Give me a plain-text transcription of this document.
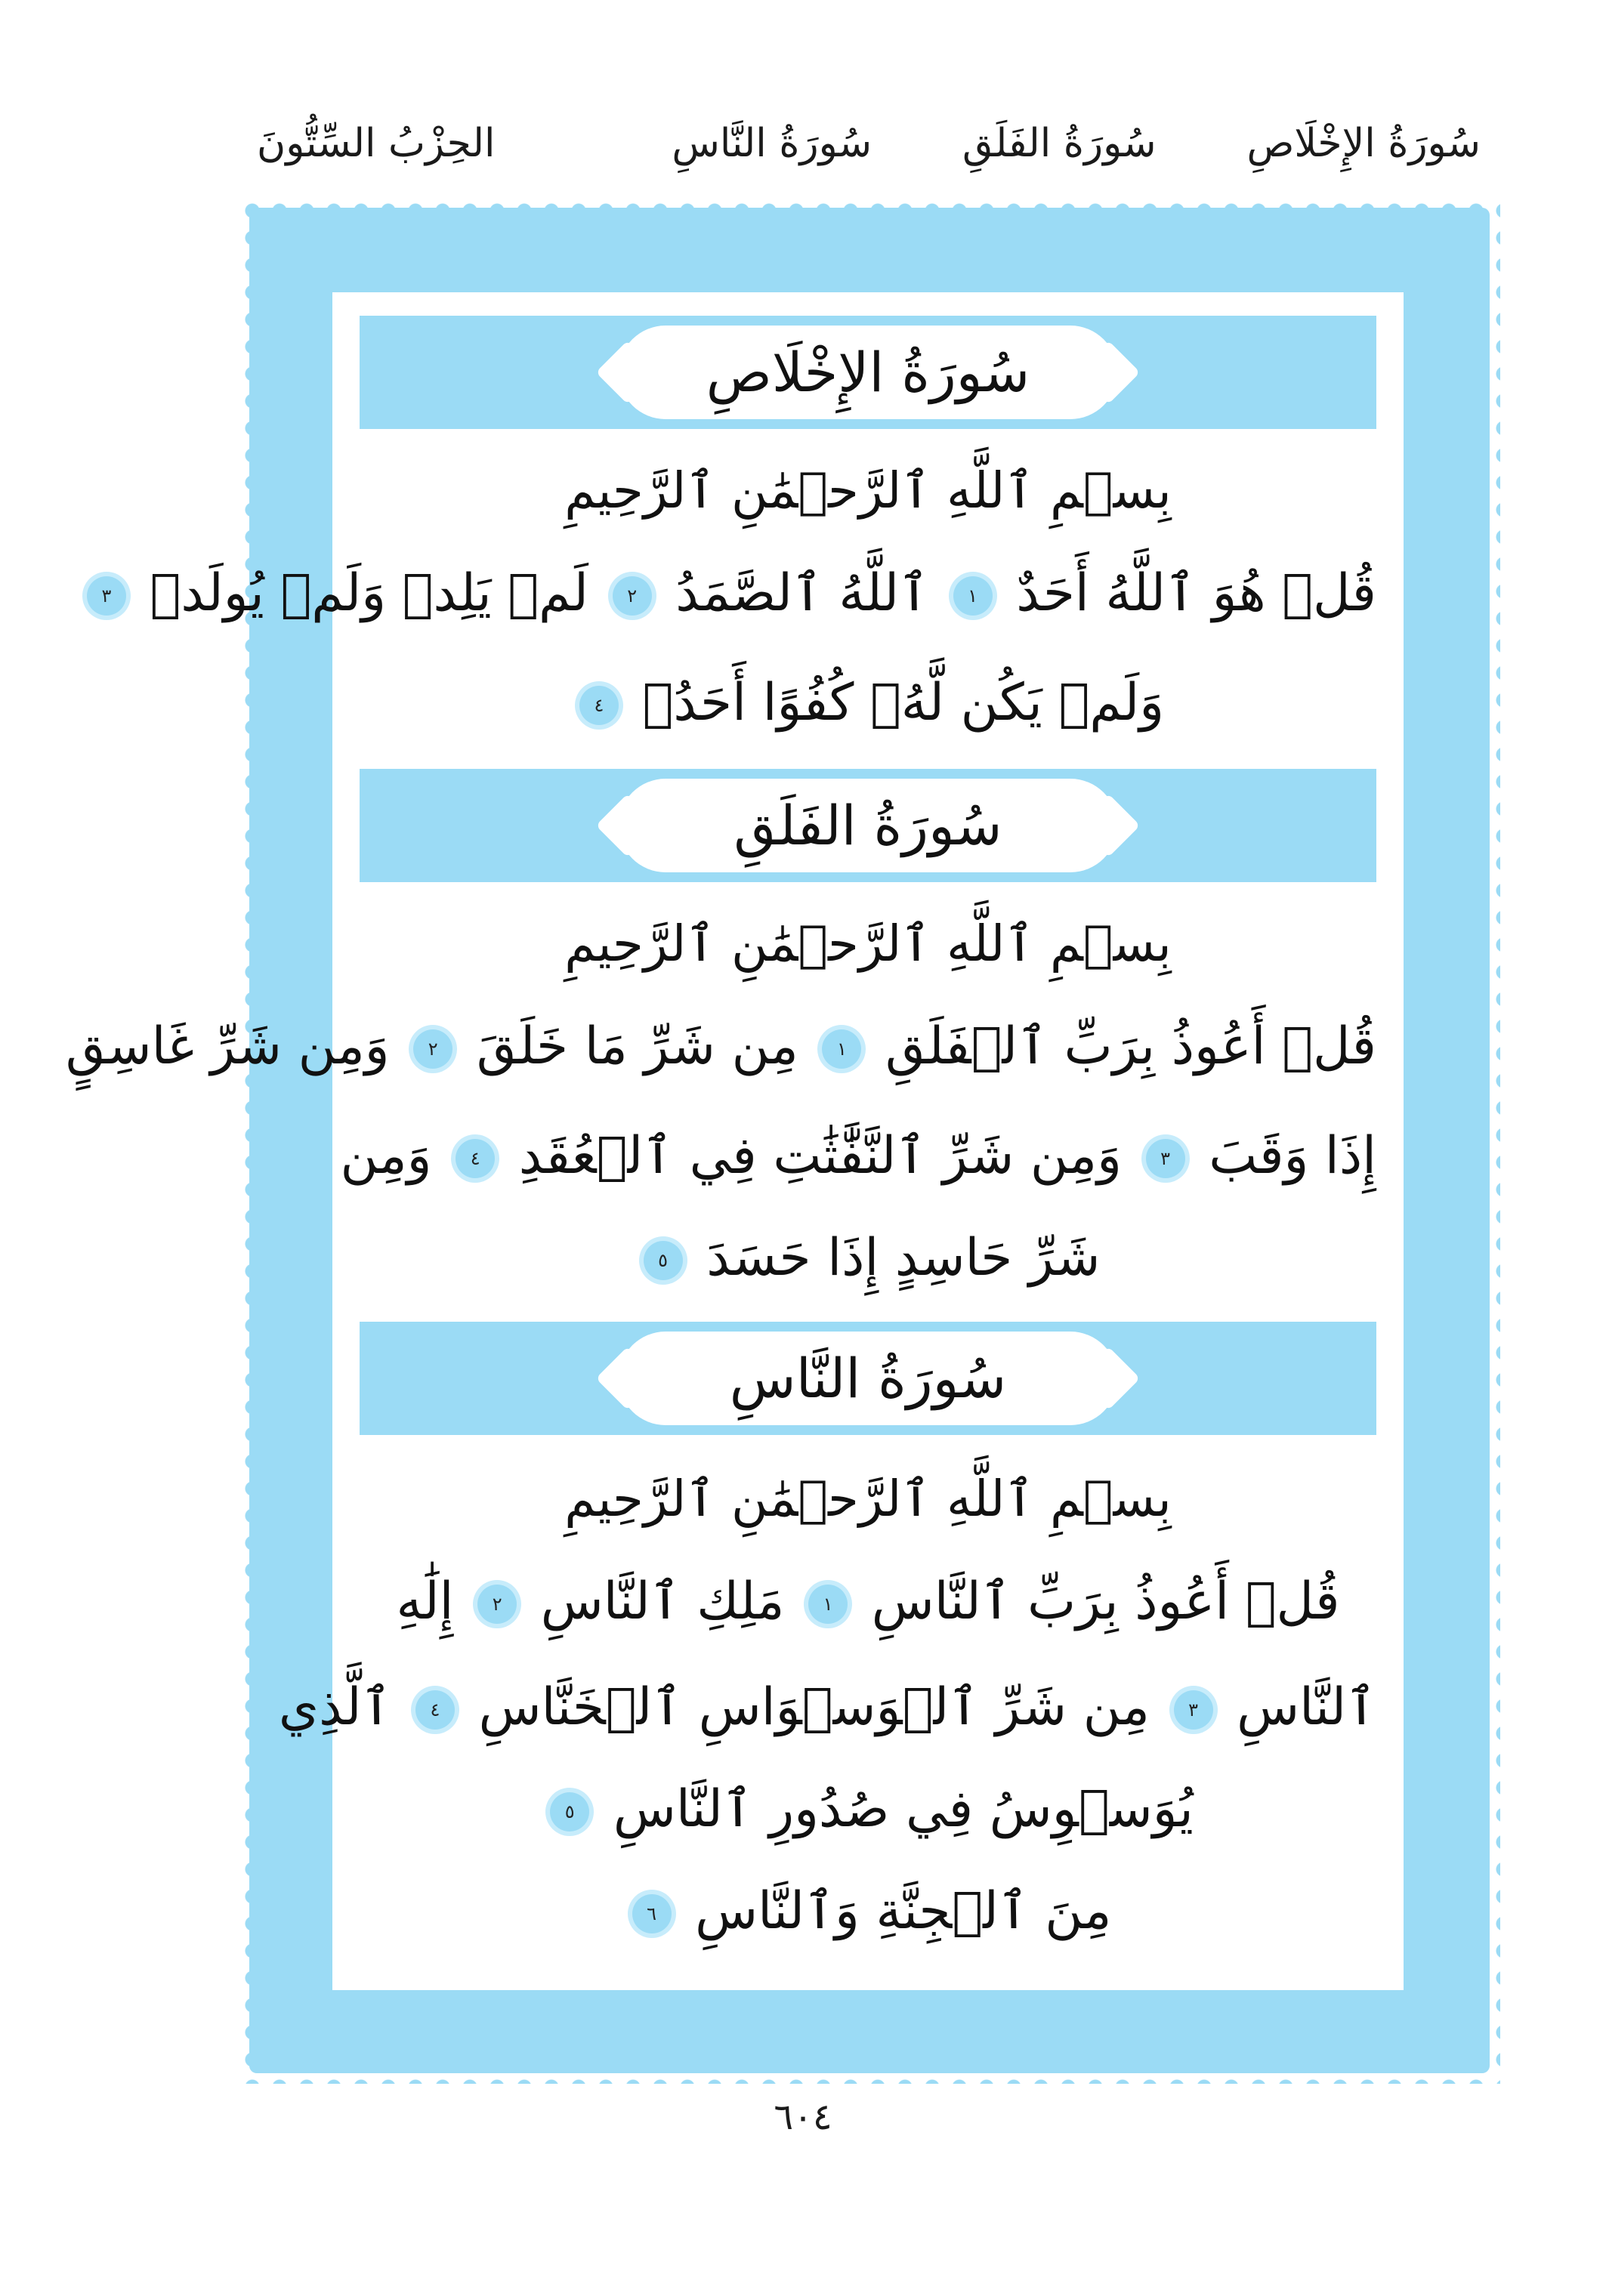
سُورَةُ الإِخْلَاصِ
سُورَةُ الفَلَقِ
سُورَةُ النَّاسِ
الحِزْبُ السِّتُّونَ
سُورَةُ الإِخْلَاصِ
بِسۡمِ ٱللَّهِ ٱلرَّحۡمَٰنِ ٱلرَّحِيمِ
قُلۡ هُوَ ٱللَّهُ أَحَدٌ ١ ٱللَّهُ ٱلصَّمَدُ ٢ لَمۡ يَلِدۡ وَلَمۡ يُولَدۡ ٣
وَلَمۡ يَكُن لَّهُۥ كُفُوًا أَحَدُۢ ٤
سُورَةُ الفَلَقِ
بِسۡمِ ٱللَّهِ ٱلرَّحۡمَٰنِ ٱلرَّحِيمِ
قُلۡ أَعُوذُ بِرَبِّ ٱلۡفَلَقِ ١ مِن شَرِّ مَا خَلَقَ ٢ وَمِن شَرِّ غَاسِقٍ
إِذَا وَقَبَ ٣ وَمِن شَرِّ ٱلنَّفَّٰثَٰتِ فِي ٱلۡعُقَدِ ٤ وَمِن
شَرِّ حَاسِدٍ إِذَا حَسَدَ ٥
سُورَةُ النَّاسِ
بِسۡمِ ٱللَّهِ ٱلرَّحۡمَٰنِ ٱلرَّحِيمِ
قُلۡ أَعُوذُ بِرَبِّ ٱلنَّاسِ ١ مَلِكِ ٱلنَّاسِ ٢ إِلَٰهِ
ٱلنَّاسِ ٣ مِن شَرِّ ٱلۡوَسۡوَاسِ ٱلۡخَنَّاسِ ٤ ٱلَّذِي
يُوَسۡوِسُ فِي صُدُورِ ٱلنَّاسِ ٥
مِنَ ٱلۡجِنَّةِ وَٱلنَّاسِ ٦
٦٠٤
